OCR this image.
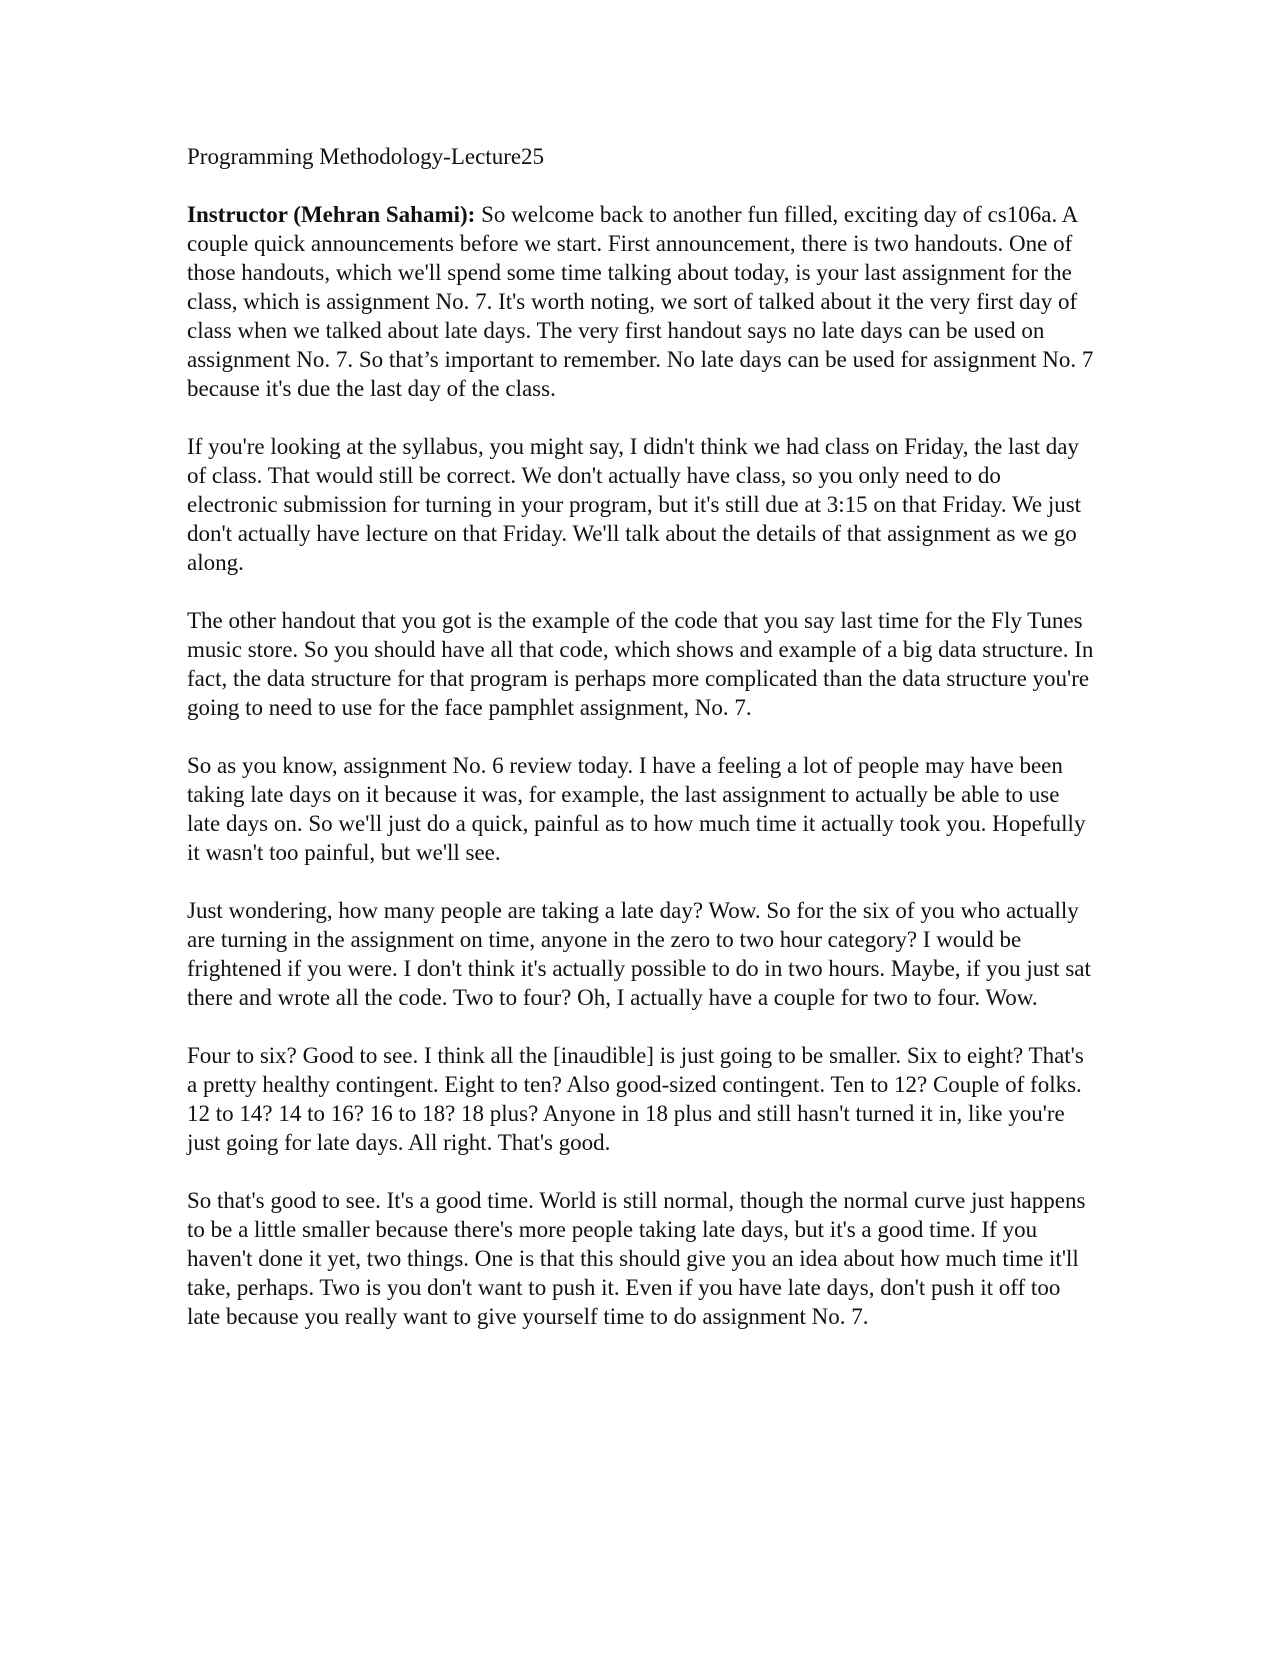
Programming Methodology-Lecture25

Instructor (Mehran Sahami): So welcome back to another fun filled, exciting day of cs106a. A couple quick announcements before we start. First announcement, there is two handouts. One of those handouts, which we'll spend some time talking about today, is your last assignment for the class, which is assignment No. 7. It's worth noting, we sort of talked about it the very first day of class when we talked about late days. The very first handout says no late days can be used on assignment No. 7. So that’s important to remember. No late days can be used for assignment No. 7 because it's due the last day of the class.

If you're looking at the syllabus, you might say, I didn't think we had class on Friday, the last day of class. That would still be correct. We don't actually have class, so you only need to do electronic submission for turning in your program, but it's still due at 3:15 on that Friday. We just don't actually have lecture on that Friday. We'll talk about the details of that assignment as we go along.

The other handout that you got is the example of the code that you say last time for the Fly Tunes music store. So you should have all that code, which shows and example of a big data structure. In fact, the data structure for that program is perhaps more complicated than the data structure you're going to need to use for the face pamphlet assignment, No. 7.

So as you know, assignment No. 6 review today. I have a feeling a lot of people may have been taking late days on it because it was, for example, the last assignment to actually be able to use late days on. So we'll just do a quick, painful as to how much time it actually took you. Hopefully it wasn't too painful, but we'll see.

Just wondering, how many people are taking a late day? Wow. So for the six of you who actually are turning in the assignment on time, anyone in the zero to two hour category? I would be frightened if you were. I don't think it's actually possible to do in two hours. Maybe, if you just sat there and wrote all the code. Two to four? Oh, I actually have a couple for two to four. Wow.

Four to six? Good to see. I think all the [inaudible] is just going to be smaller. Six to eight? That's a pretty healthy contingent. Eight to ten? Also good-sized contingent. Ten to 12? Couple of folks. 12 to 14? 14 to 16? 16 to 18? 18 plus? Anyone in 18 plus and still hasn't turned it in, like you're just going for late days. All right. That's good.

So that's good to see. It's a good time. World is still normal, though the normal curve just happens to be a little smaller because there's more people taking late days, but it's a good time. If you haven't done it yet, two things. One is that this should give you an idea about how much time it'll take, perhaps. Two is you don't want to push it. Even if you have late days, don't push it off too late because you really want to give yourself time to do assignment No. 7.
